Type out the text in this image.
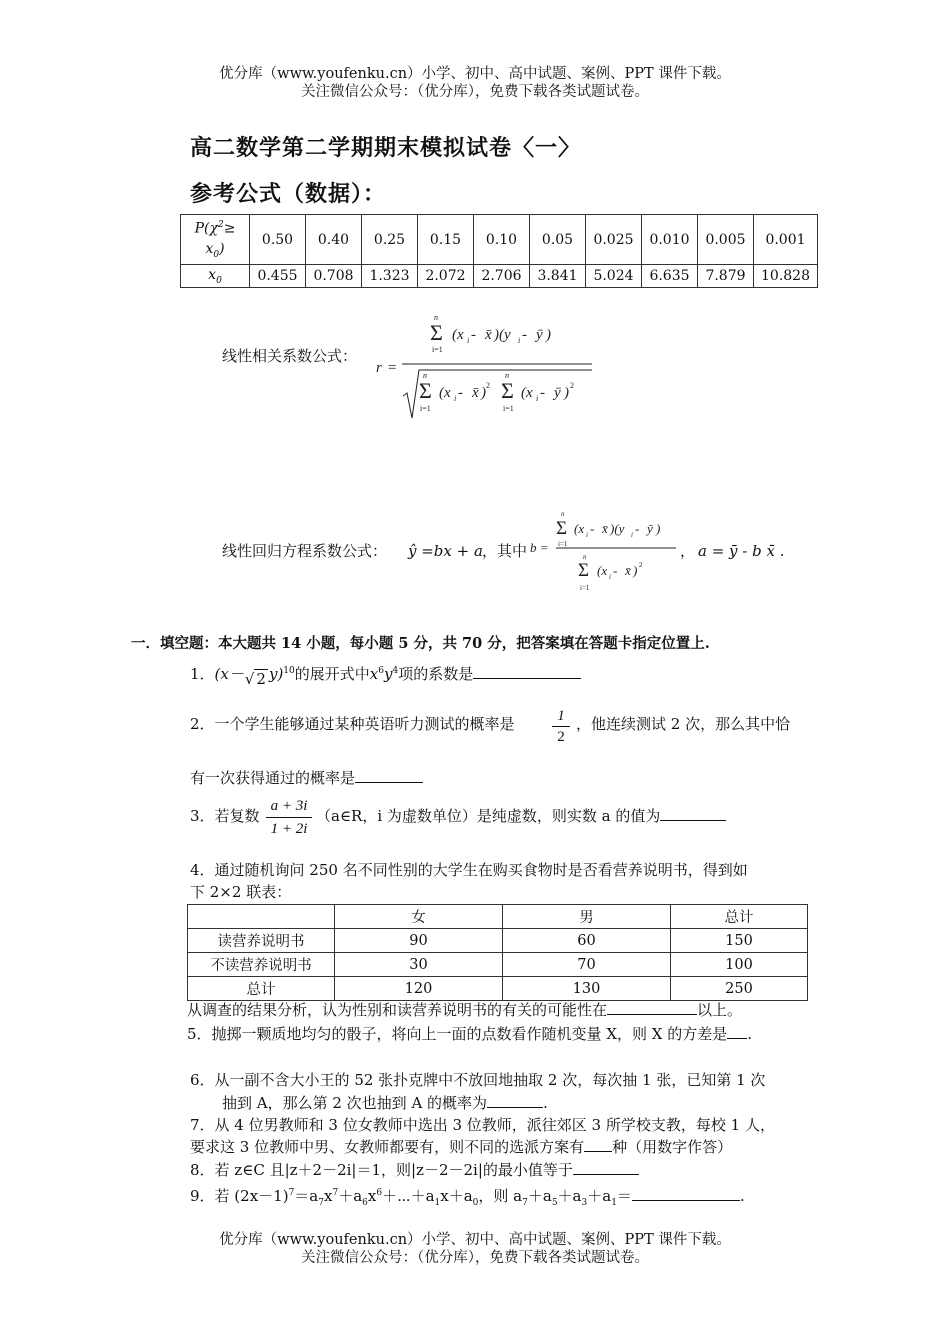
优分库（www.youfenku.cn）小学、初中、高中试题、案例、PPT 课件下载。
关注微信公众号：（优分库），免费下载各类试题试卷。
高二数学第二学期期末模拟试卷〈一〉
参考公式（数据）：
$P(\chi^2\ge$
$x_0$)	0.50	0.40	0.25	0.15	0.10	0.05	0.025	0.010	0.005	0.001
$x_0$	0.455	0.708	1.323	2.072	2.706	3.841	5.024	6.635	7.879	10.828
线性相关系数公式：
r =
Σ
n
i=1
(x i - x̄ )(y i - ȳ )
Σ
n
i=1
(x i - x̄ ) 2 Σ
n
i=1
(x i - ȳ ) 2
线性回归方程系数公式： ŷ =bx + a ，其中 b =
Σ
n
i=1
(x i - x̄ )(y i - ȳ )
Σ
n
i=1
(x i - x̄ ) 2
， a = ȳ - b x̄ .
一．填空题：本大题共 14 小题，每小题 5 分，共 70 分，把答案填在答题卡指定位置上.
1．(x－√ 2 y)$^{10}$的展开式中$x^6y^4$项的系数是
2．一个学生能够通过某种英语听力测试的概率是 $\frac{1}{2}$ ，他连续测试 2 次，那么其中恰
有一次获得通过的概率是
3．若复数 $\frac{a + 3i}{1 + 2i}$ （a∈R，i 为虚数单位）是纯虚数，则实数 a 的值为
4．通过随机询问 250 名不同性别的大学生在购买食物时是否看营养说明书，得到如
下 2×2 联表：
	女	男	总计
读营养说明书	90	60	150
不读营养说明书	30	70	100
总计	120	130	250
从调查的结果分析，认为性别和读营养说明书的有关的可能性在	以上。
5．抛掷一颗质地均匀的骰子，将向上一面的点数看作随机变量 X，则 X 的方差是 .
6．从一副不含大小王的 52 张扑克牌中不放回地抽取 2 次，每次抽 1 张，已知第 1 次
抽到 A，那么第 2 次也抽到 A 的概率为	.
7．从 4 位男教师和 3 位女教师中选出 3 位教师，派往郊区 3 所学校支教，每校 1 人，
要求这 3 位教师中男、女教师都要有，则不同的选派方案有 种（用数字作答）
8．若 z∈C 且|z＋2－2i|＝1，则|z－2－2i|的最小值等于
9．若 $(2x-1)^7=a_7x^7+a_6x^6+\cdots+a_1x+a_0$，则 $a_7+a_5+a_3+a_1=$	.
优分库（www.youfenku.cn）小学、初中、高中试题、案例、PPT 课件下载。
关注微信公众号：（优分库），免费下载各类试题试卷。
